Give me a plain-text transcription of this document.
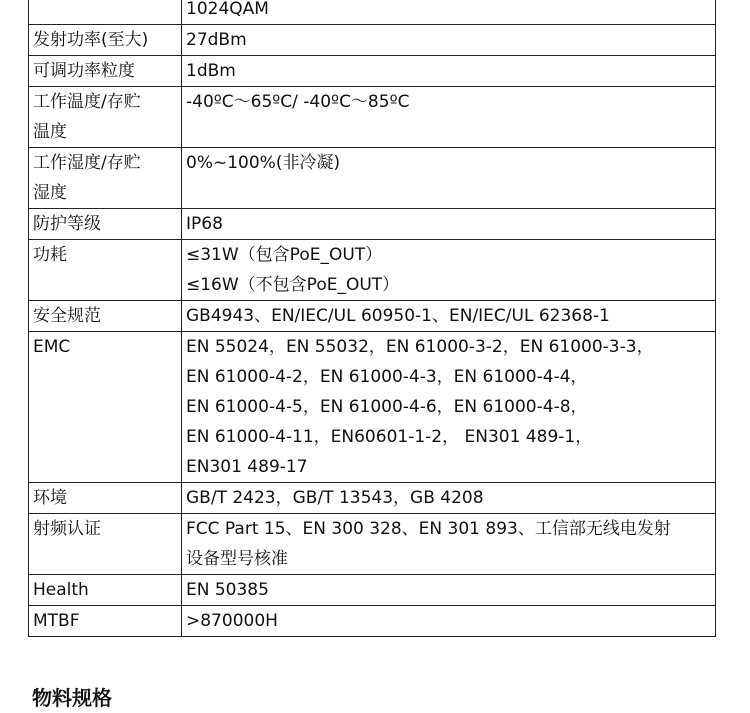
	1024QAM

发射功率(至大)	27dBm

可调功率粒度	1dBm

工作温度/存贮
温度	-40ºC～65ºC/ -40ºC～85ºC

工作湿度/存贮
湿度	0%~100%(非冷凝)

防护等级	IP68

功耗	≤31W（包含PoE_OUT）
≤16W（不包含PoE_OUT）

安全规范	GB4943、EN/IEC/UL 60950-1、EN/IEC/UL 62368-1

EMC	EN 55024，EN 55032，EN 61000-3-2，EN 61000-3-3，
EN 61000-4-2，EN 61000-4-3，EN 61000-4-4，
EN 61000-4-5，EN 61000-4-6，EN 61000-4-8，
EN 61000-4-11，EN60601-1-2， EN301 489-1，
EN301 489-17

环境	GB/T 2423，GB/T 13543，GB 4208

射频认证	FCC Part 15、EN 300 328、EN 301 893、工信部无线电发射
设备型号核准

Health	EN 50385

MTBF	>870000H
物料规格
